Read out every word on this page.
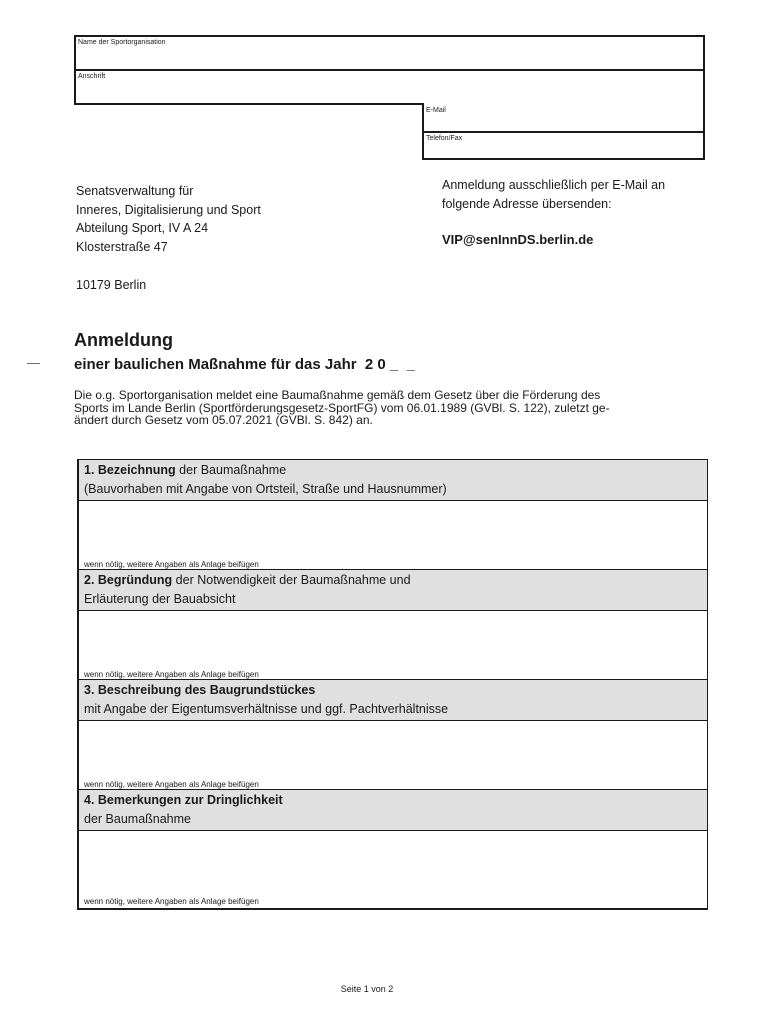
Name der Sportorganisation
Anschrift
E-Mail
Telefon/Fax
Senatsverwaltung für
Inneres, Digitalisierung und Sport
Abteilung Sport, IV A 24
Klosterstraße 47
10179 Berlin
Anmeldung ausschließlich per E-Mail an
folgende Adresse übersenden:
VIP@senInnDS.berlin.de
Anmeldung
— einer baulichen Maßnahme für das Jahr  2 0 _  _
Die o.g. Sportorganisation meldet eine Baumaßnahme gemäß dem Gesetz über die Förderung des
Sports im Lande Berlin (Sportförderungsgesetz-SportFG) vom 06.01.1989 (GVBl. S. 122), zuletzt ge-
ändert durch Gesetz vom 05.07.2021 (GVBl. S. 842) an.
1. Bezeichnung der Baumaßnahme
(Bauvorhaben mit Angabe von Ortsteil, Straße und Hausnummer)
wenn nötig, weitere Angaben als Anlage beifügen
2. Begründung der Notwendigkeit der Baumaßnahme und
Erläuterung der Bauabsicht
wenn nötig, weitere Angaben als Anlage beifügen
3. Beschreibung des Baugrundstückes
mit Angabe der Eigentumsverhältnisse und ggf. Pachtverhältnisse
wenn nötig, weitere Angaben als Anlage beifügen
4. Bemerkungen zur Dringlichkeit
der Baumaßnahme
wenn nötig, weitere Angaben als Anlage beifügen
Seite 1 von 2
